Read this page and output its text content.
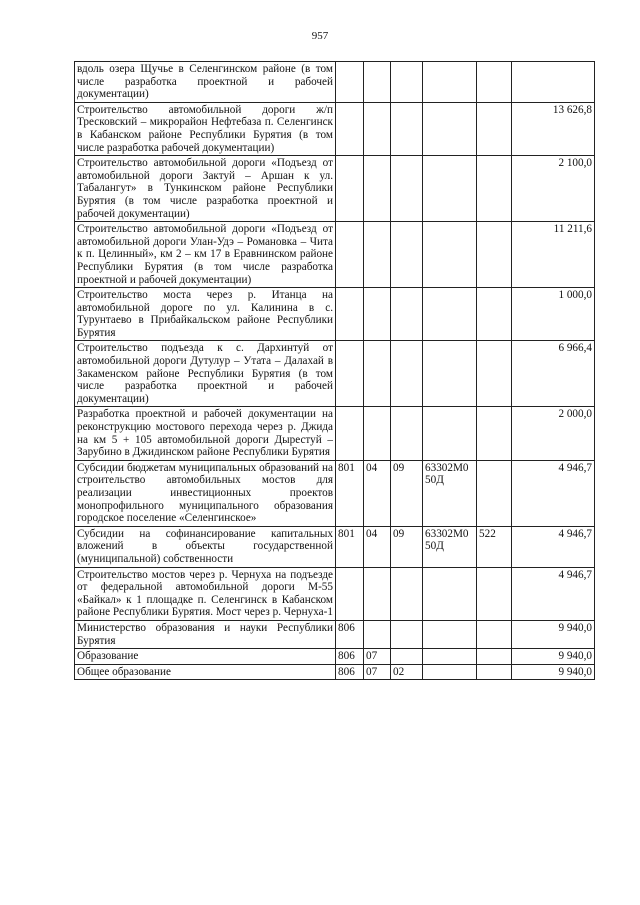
957
вдоль озера Щучье в Селенгинском районе (в том числе разработка проектной и рабочей документации)						
Строительство автомобильной дороги ж/п Тресковский – микрорайон Нефтебаза п. Селенгинск в Кабанском районе Республики Бурятия (в том числе разработка рабочей документации)						13 626,8
Строительство автомобильной дороги «Подъезд от автомобильной дороги Зактуй – Аршан к ул. Табалангут» в Тункинском районе Республики Бурятия (в том числе разработка проектной и рабочей документации)						2 100,0
Строительство автомобильной дороги «Подъезд от автомобильной дороги Улан-Удэ – Романовка – Чита к п. Целинный», км 2 – км 17 в Еравнинском районе Республики Бурятия (в том числе разработка проектной и рабочей документации)						11 211,6
Строительство моста через р. Итанца на автомобильной дороге по ул. Калинина в с. Турунтаево в Прибайкальском районе Республики Бурятия						1 000,0
Строительство подъезда к с. Дархинтуй от автомобильной дороги Дутулур – Утата – Далахай в Закаменском районе Республики Бурятия (в том числе разработка проектной и рабочей документации)						6 966,4
Разработка проектной и рабочей документации на реконструкцию мостового перехода через р. Джида на км 5 + 105 автомобильной дороги Дырестуй – Зарубино в Джидинском районе Республики Бурятия						2 000,0
Субсидии бюджетам муниципальных образований на строительство автомобильных мостов для реализации инвестиционных проектов монопрофильного муниципального образования городское поселение «Селенгинское»	801	04	09	63302М050Д		4 946,7
Субсидии на софинансирование капитальных вложений в объекты государственной (муниципальной) собственности	801	04	09	63302М050Д	522	4 946,7
Строительство мостов через р. Чернуха на подъезде от федеральной автомобильной дороги М-55 «Байкал» к 1 площадке п. Селенгинск в Кабанском районе Республики Бурятия. Мост через р. Чернуха-1						4 946,7
Министерство образования и науки Республики Бурятия	806					9 940,0
Образование	806	07				9 940,0
Общее образование	806	07	02			9 940,0
